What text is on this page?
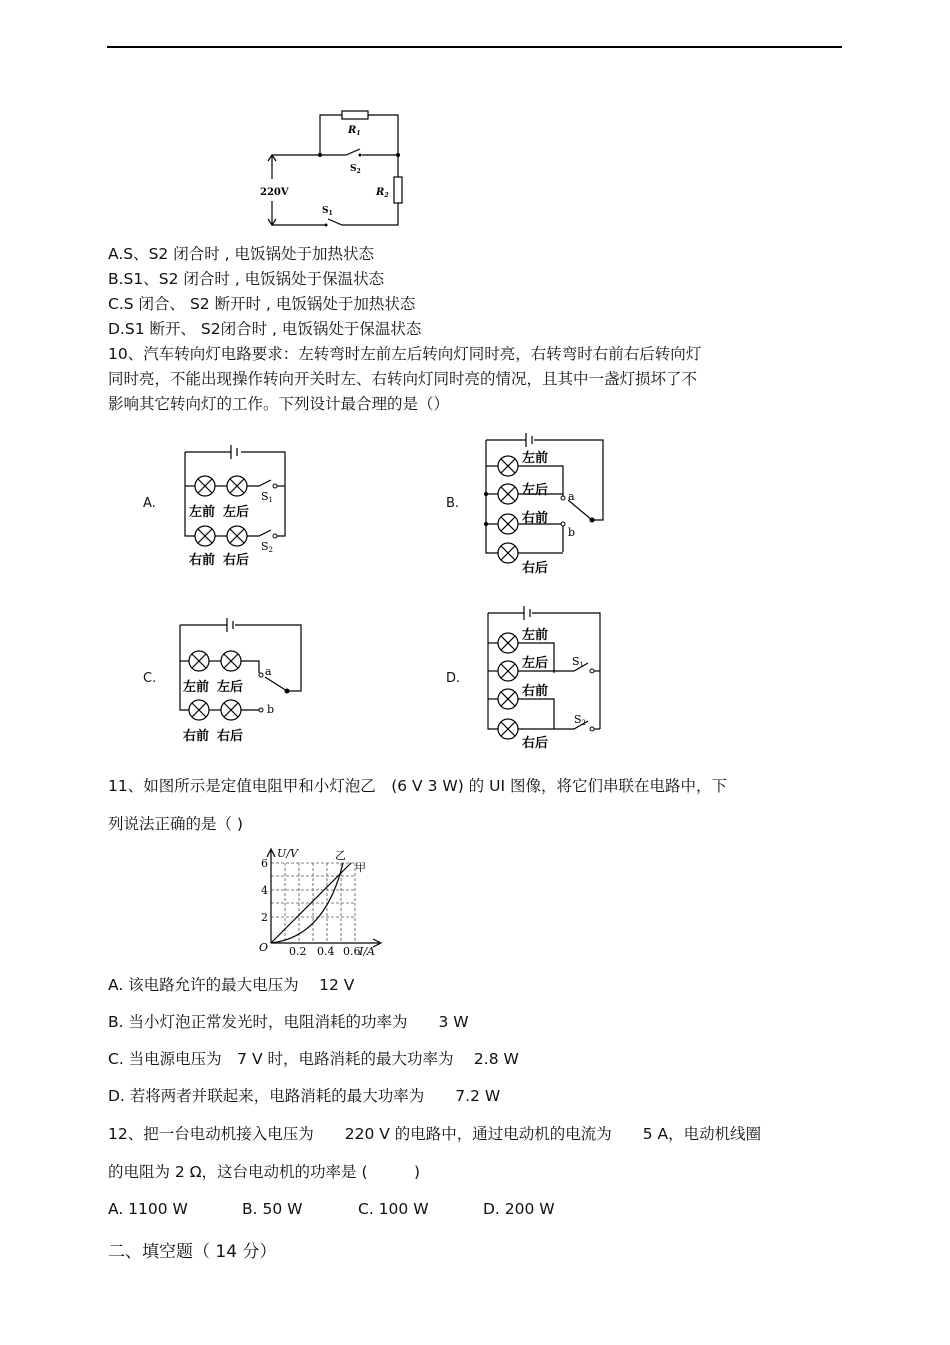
$R_1$
$R_2$
$S_2$
$S_1$
220V
A.S、S2 闭合时 , 电饭锅处于加热状态
B.S1、S2 闭合时 , 电饭锅处于保温状态
C.S 闭合、 S2 断开时 , 电饭锅处于加热状态
D.S1 断开、 S2闭合时 , 电饭锅处于保温状态
10、汽车转向灯电路要求：左转弯时左前左后转向灯同时亮，右转弯时右前右后转向灯
同时亮，不能出现操作转向开关时左、右转向灯同时亮的情况，且其中一盏灯损坏了不
影响其它转向灯的工作。下列设计最合理的是（）
A.	B.
C.	D.
S1
S2
左前 左后
右前 右后
左前
左后
右前
右后
a
b
a
b
左前 左后
右前 右后
左前
左后
右前
右后
S1
S2
11、如图所示是定值电阻甲和小灯泡乙　(6 V 3 W) 的 UI 图像，将它们串联在电路中，下
列说法正确的是（ )
U/V
I/A
O
2
4
6
0.2 0.4 0.6
乙
甲
A. 该电路允许的最大电压为　 12 V
B. 当小灯泡正常发光时，电阻消耗的功率为　　3 W
C. 当电源电压为　7 V 时，电路消耗的最大功率为　 2.8 W
D. 若将两者并联起来，电路消耗的最大功率为　　7.2 W
12、把一台电动机接入电压为　　220 V 的电路中，通过电动机的电流为　　5 A，电动机线圈
的电阻为 2 Ω，这台电动机的功率是 (　　　)
A. 1100 W	B. 50 W	C. 100 W	D. 200 W
二、填空题（ 14 分）
